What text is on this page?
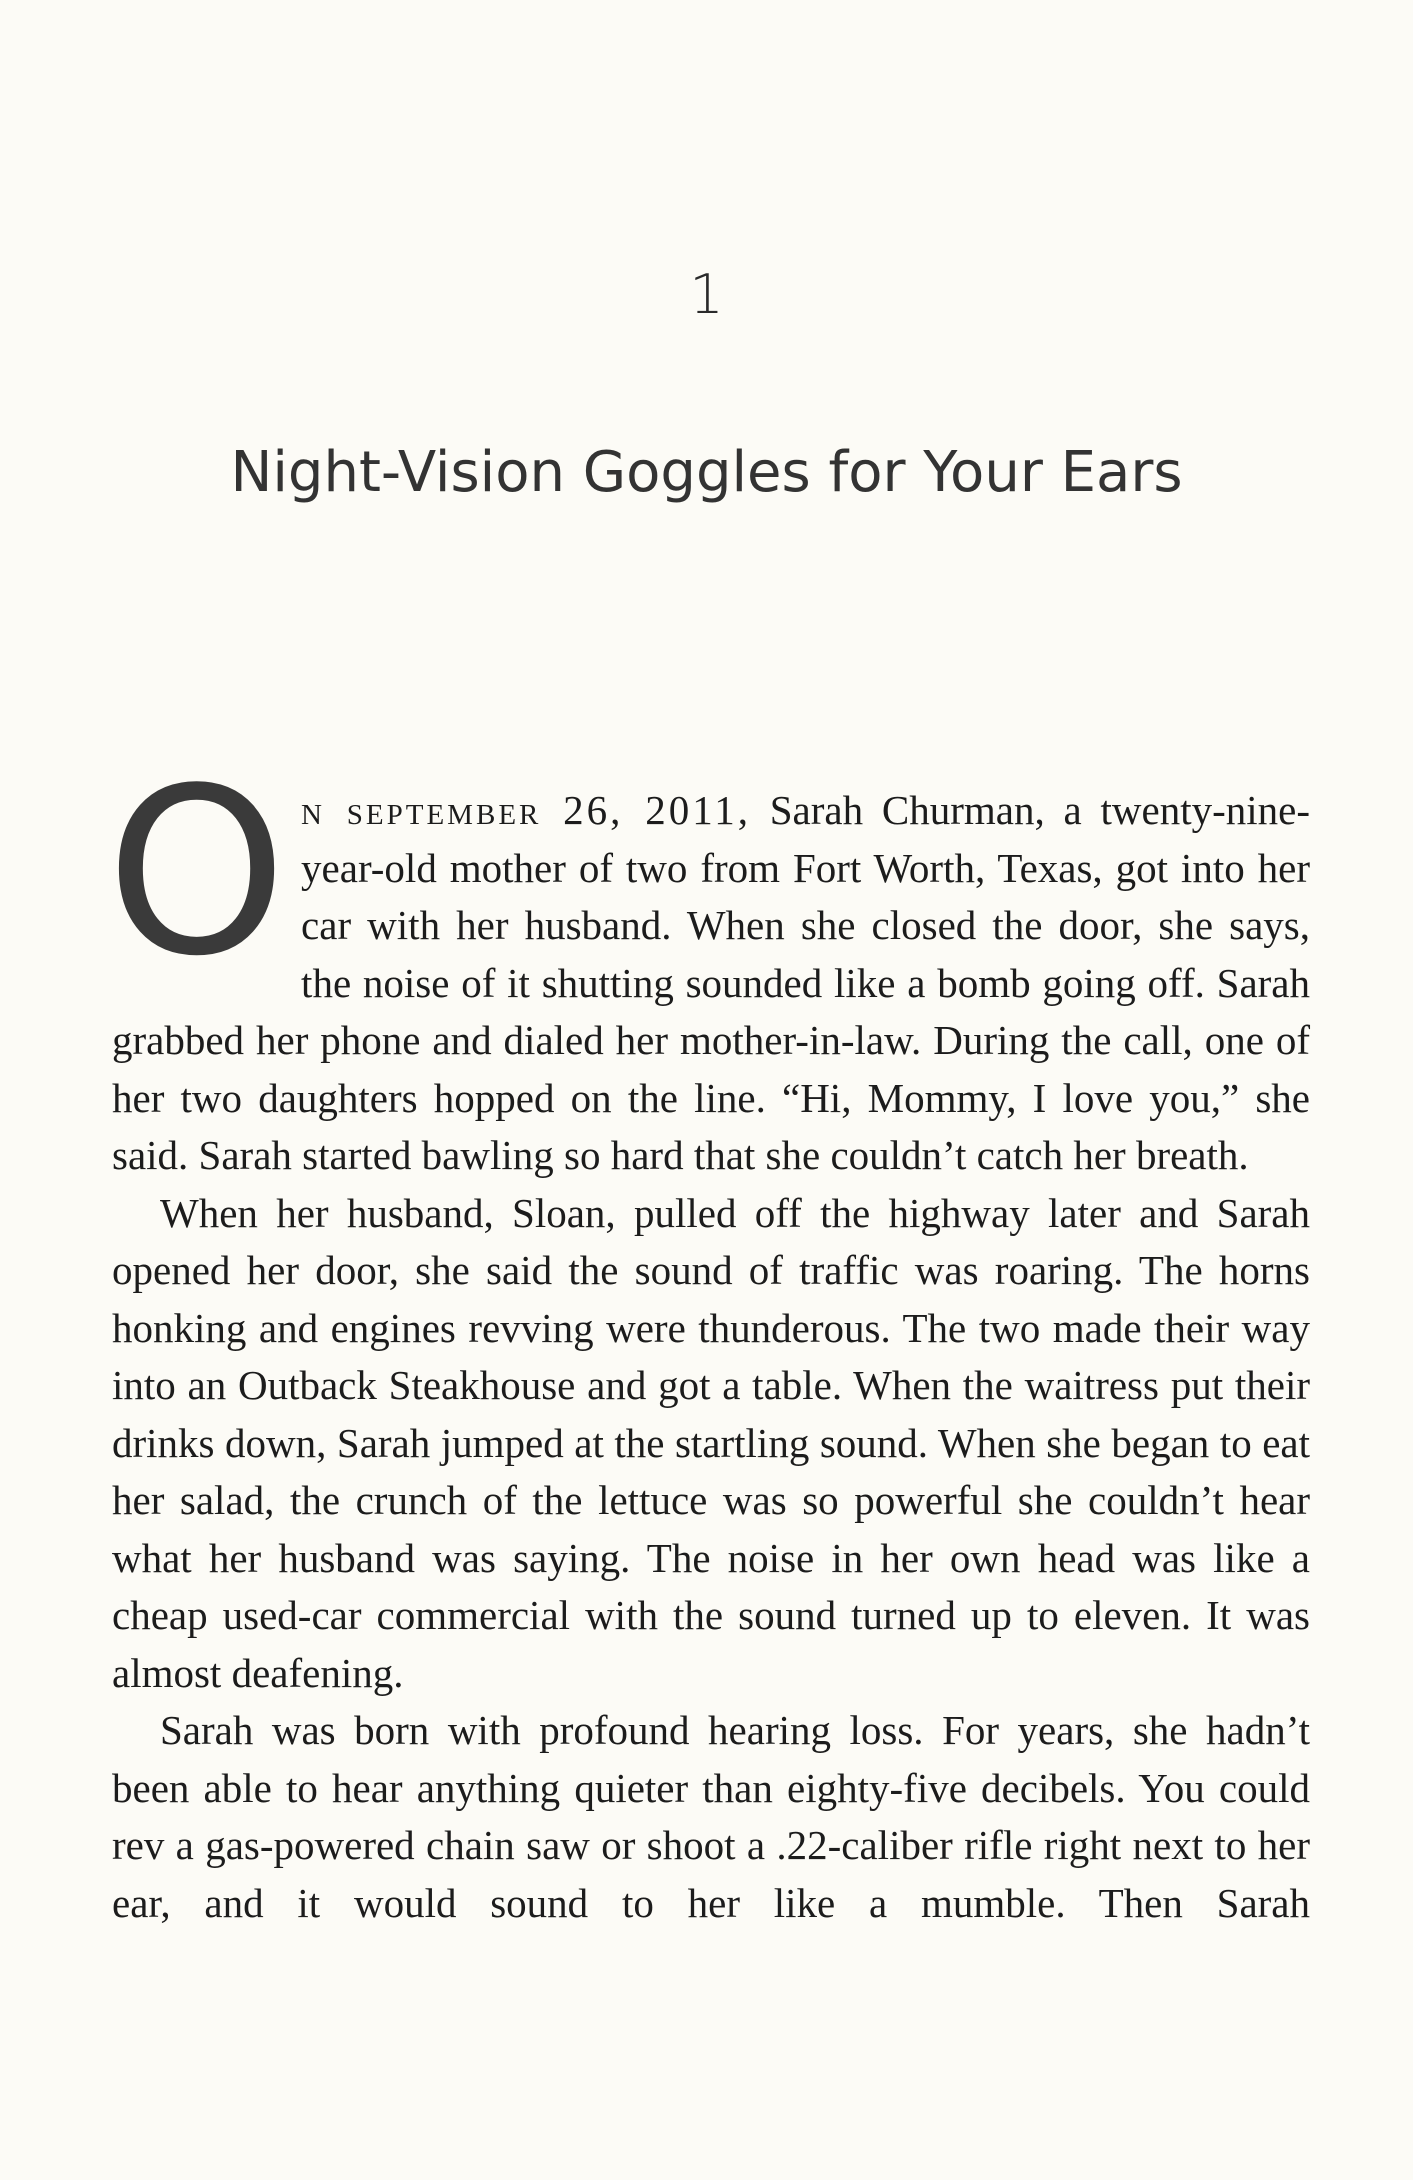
1
Night-Vision Goggles for Your Ears

On september 26, 2011, Sarah Churman, a twenty-nine-year-old mother of two from Fort Worth, Texas, got into her car with her husband. When she closed the door, she says, the noise of it shutting sounded like a bomb going off. Sarah grabbed her phone and dialed her mother-in-law. During the call, one of her two daughters hopped on the line. “Hi, Mommy, I love you,” she said. Sarah started bawling so hard that she couldn’t catch her breath.

When her husband, Sloan, pulled off the highway later and Sarah opened her door, she said the sound of traffic was roaring. The horns honking and engines revving were thunderous. The two made their way into an Outback Steakhouse and got a table. When the waitress put their drinks down, Sarah jumped at the startling sound. When she began to eat her salad, the crunch of the lettuce was so powerful she couldn’t hear what her husband was saying. The noise in her own head was like a cheap used-car commercial with the sound turned up to eleven. It was almost deafening.

Sarah was born with profound hearing loss. For years, she hadn’t been able to hear anything quieter than eighty-five decibels. You could rev a gas-powered chain saw or shoot a .22-caliber rifle right next to her ear, and it would sound to her like a mumble. Then Sarah
